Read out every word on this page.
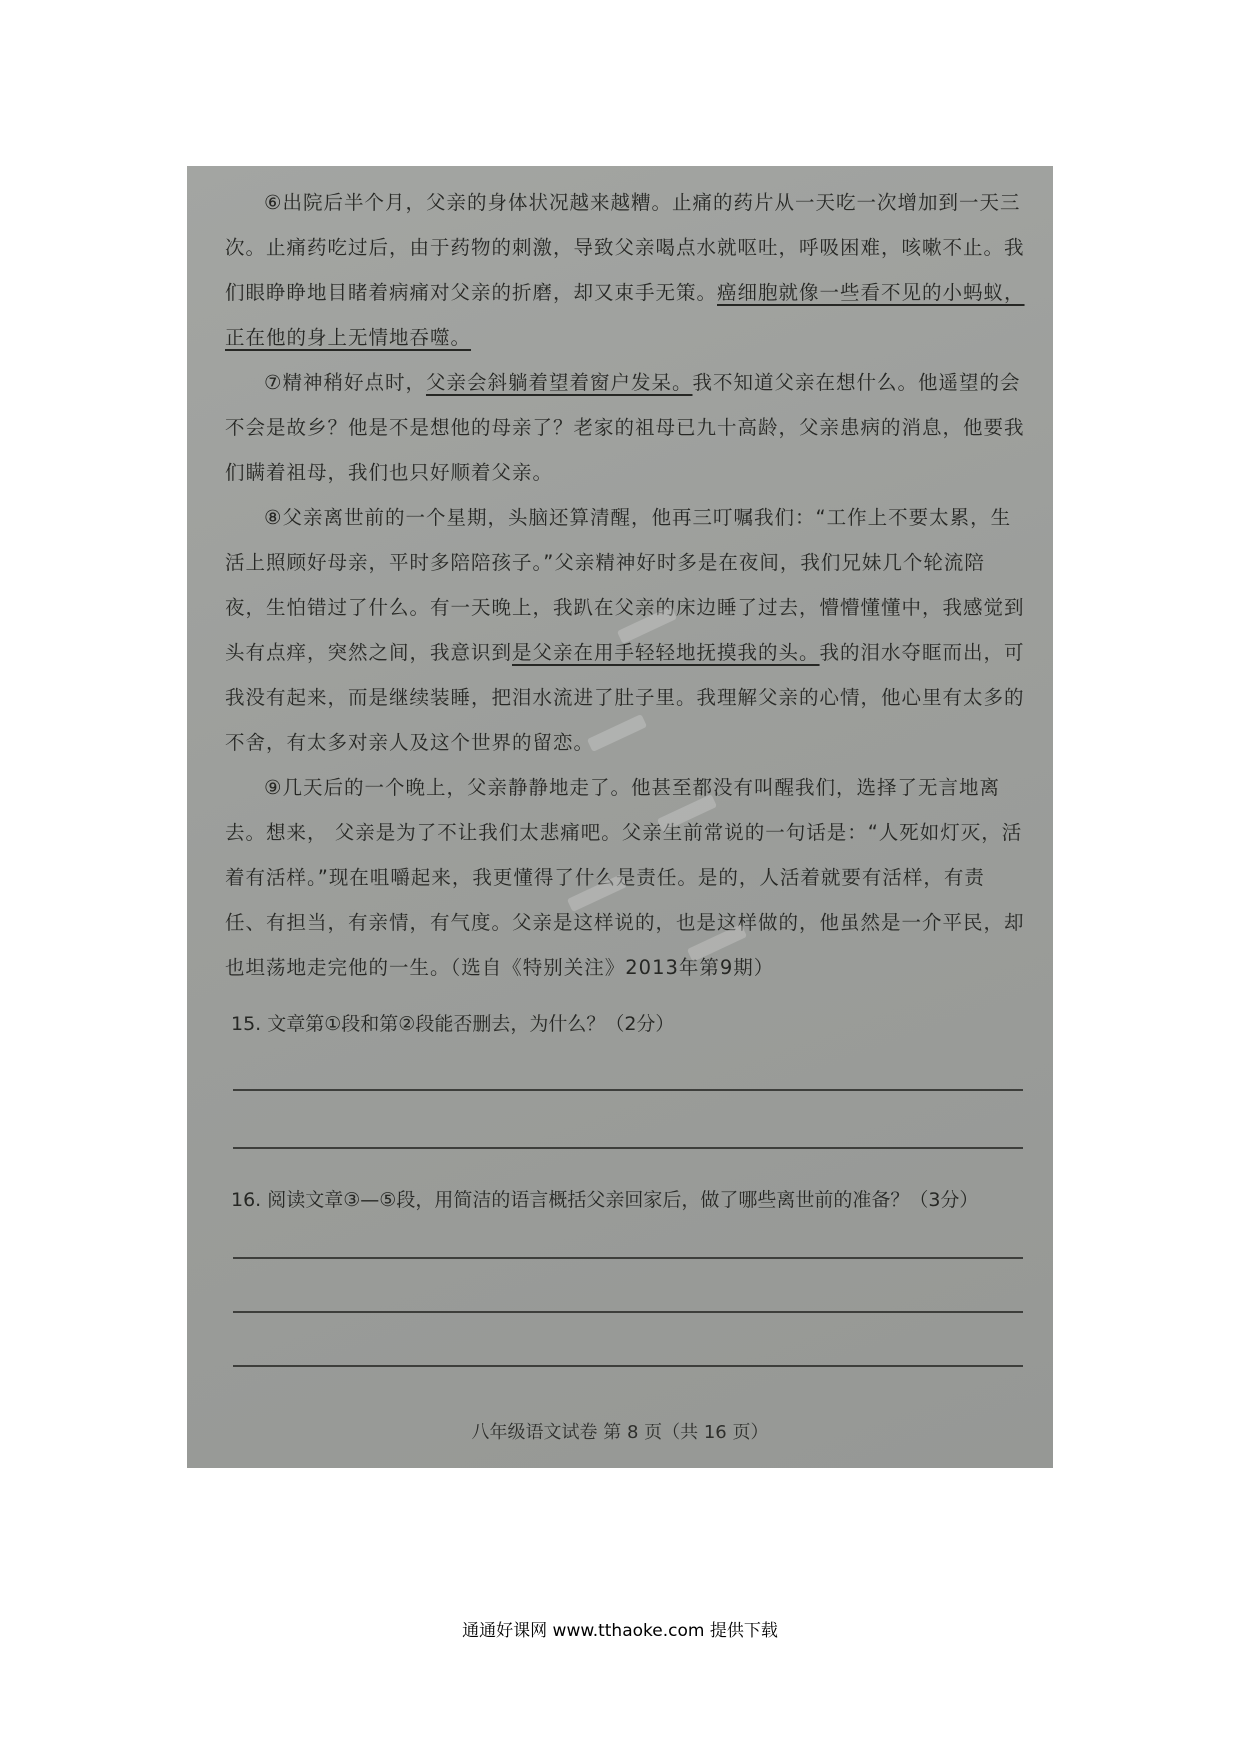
⑥出院后半个月，父亲的身体状况越来越糟。止痛的药片从一天吃一次增加到一天三次。止痛药吃过后，由于药物的刺激，导致父亲喝点水就呕吐，呼吸困难，咳嗽不止。我们眼睁睁地目睹着病痛对父亲的折磨，却又束手无策。癌细胞就像一些看不见的小蚂蚁，正在他的身上无情地吞噬。

⑦精神稍好点时，父亲会斜躺着望着窗户发呆。我不知道父亲在想什么。他遥望的会不会是故乡？他是不是想他的母亲了？老家的祖母已九十高龄，父亲患病的消息，他要我们瞒着祖母，我们也只好顺着父亲。

⑧父亲离世前的一个星期，头脑还算清醒，他再三叮嘱我们：“工作上不要太累，生活上照顾好母亲，平时多陪陪孩子。”父亲精神好时多是在夜间，我们兄妹几个轮流陪夜，生怕错过了什么。有一天晚上，我趴在父亲的床边睡了过去，懵懵懂懂中，我感觉到头有点痒，突然之间，我意识到是父亲在用手轻轻地抚摸我的头。我的泪水夺眶而出，可我没有起来，而是继续装睡，把泪水流进了肚子里。我理解父亲的心情，他心里有太多的不舍，有太多对亲人及这个世界的留恋。

⑨几天后的一个晚上，父亲静静地走了。他甚至都没有叫醒我们，选择了无言地离去。想来， 父亲是为了不让我们太悲痛吧。父亲生前常说的一句话是：“人死如灯灭，活着有活样。”现在咀嚼起来，我更懂得了什么是责任。是的，人活着就要有活样，有责任、有担当，有亲情，有气度。父亲是这样说的，也是这样做的，他虽然是一介平民，却也坦荡地走完他的一生。（选自《特别关注》2013年第9期）

15. 文章第①段和第②段能否删去，为什么？（2分）

16. 阅读文章③—⑤段，用简洁的语言概括父亲回家后，做了哪些离世前的准备？（3分）

八年级语文试卷 第 8 页（共 16 页）
通通好课网 www.tthaoke.com 提供下载
